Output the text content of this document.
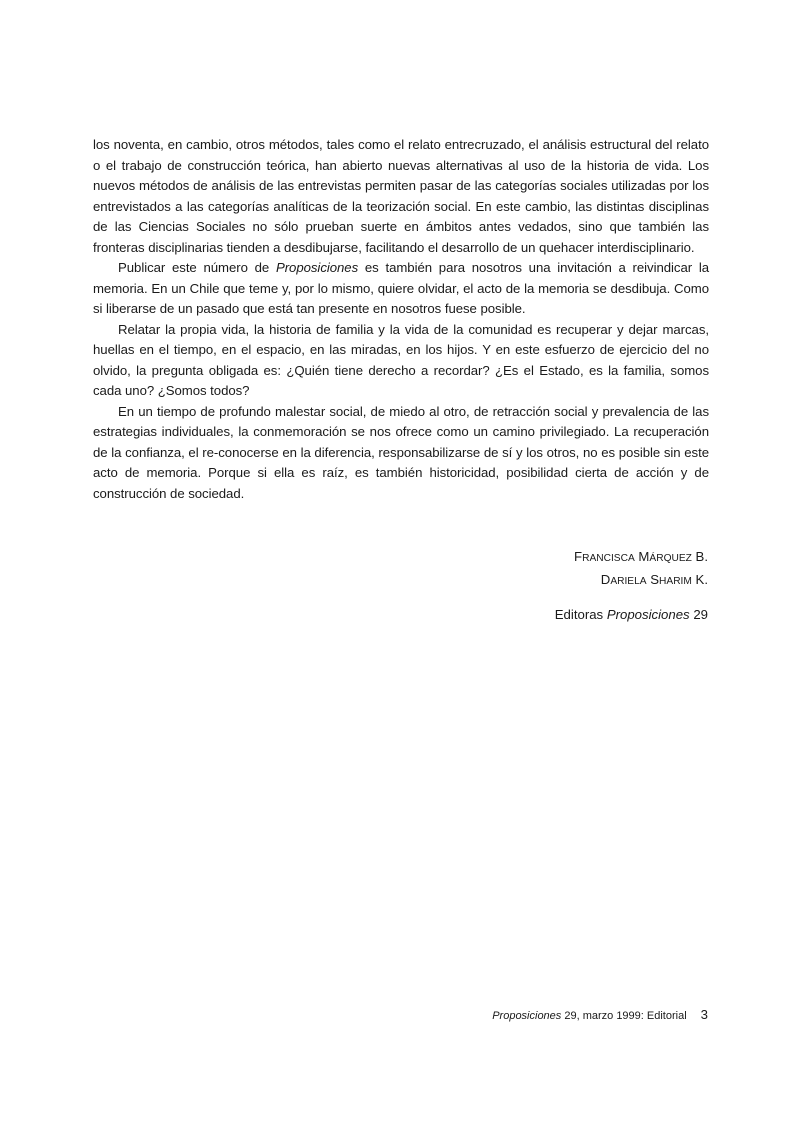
los noventa, en cambio, otros métodos, tales como el relato entrecruzado, el análisis estructural del relato o el trabajo de construcción teórica, han abierto nuevas alternativas al uso de la historia de vida. Los nuevos métodos de análisis de las entrevistas permiten pasar de las categorías sociales utilizadas por los entrevistados a las categorías analíticas de la teorización social. En este cambio, las distintas disciplinas de las Ciencias Sociales no sólo prueban suerte en ámbitos antes vedados, sino que también las fronteras disciplinarias tienden a desdibujarse, facilitando el desarrollo de un quehacer interdisciplinario.

Publicar este número de Proposiciones es también para nosotros una invitación a reivindicar la memoria. En un Chile que teme y, por lo mismo, quiere olvidar, el acto de la memoria se desdibuja. Como si liberarse de un pasado que está tan presente en nosotros fuese posible.

Relatar la propia vida, la historia de familia y la vida de la comunidad es recuperar y dejar marcas, huellas en el tiempo, en el espacio, en las miradas, en los hijos. Y en este esfuerzo de ejercicio del no olvido, la pregunta obligada es: ¿Quién tiene derecho a recordar? ¿Es el Estado, es la familia, somos cada uno? ¿Somos todos?

En un tiempo de profundo malestar social, de miedo al otro, de retracción social y prevalencia de las estrategias individuales, la conmemoración se nos ofrece como un camino privilegiado. La recuperación de la confianza, el re-conocerse en la diferencia, responsabilizarse de sí y los otros, no es posible sin este acto de memoria. Porque si ella es raíz, es también historicidad, posibilidad cierta de acción y de construcción de sociedad.

FRANCISCA MÁRQUEZ B.
DARIELA SHARIM K.
Editoras Proposiciones 29
Proposiciones 29, marzo 1999: Editorial 3
